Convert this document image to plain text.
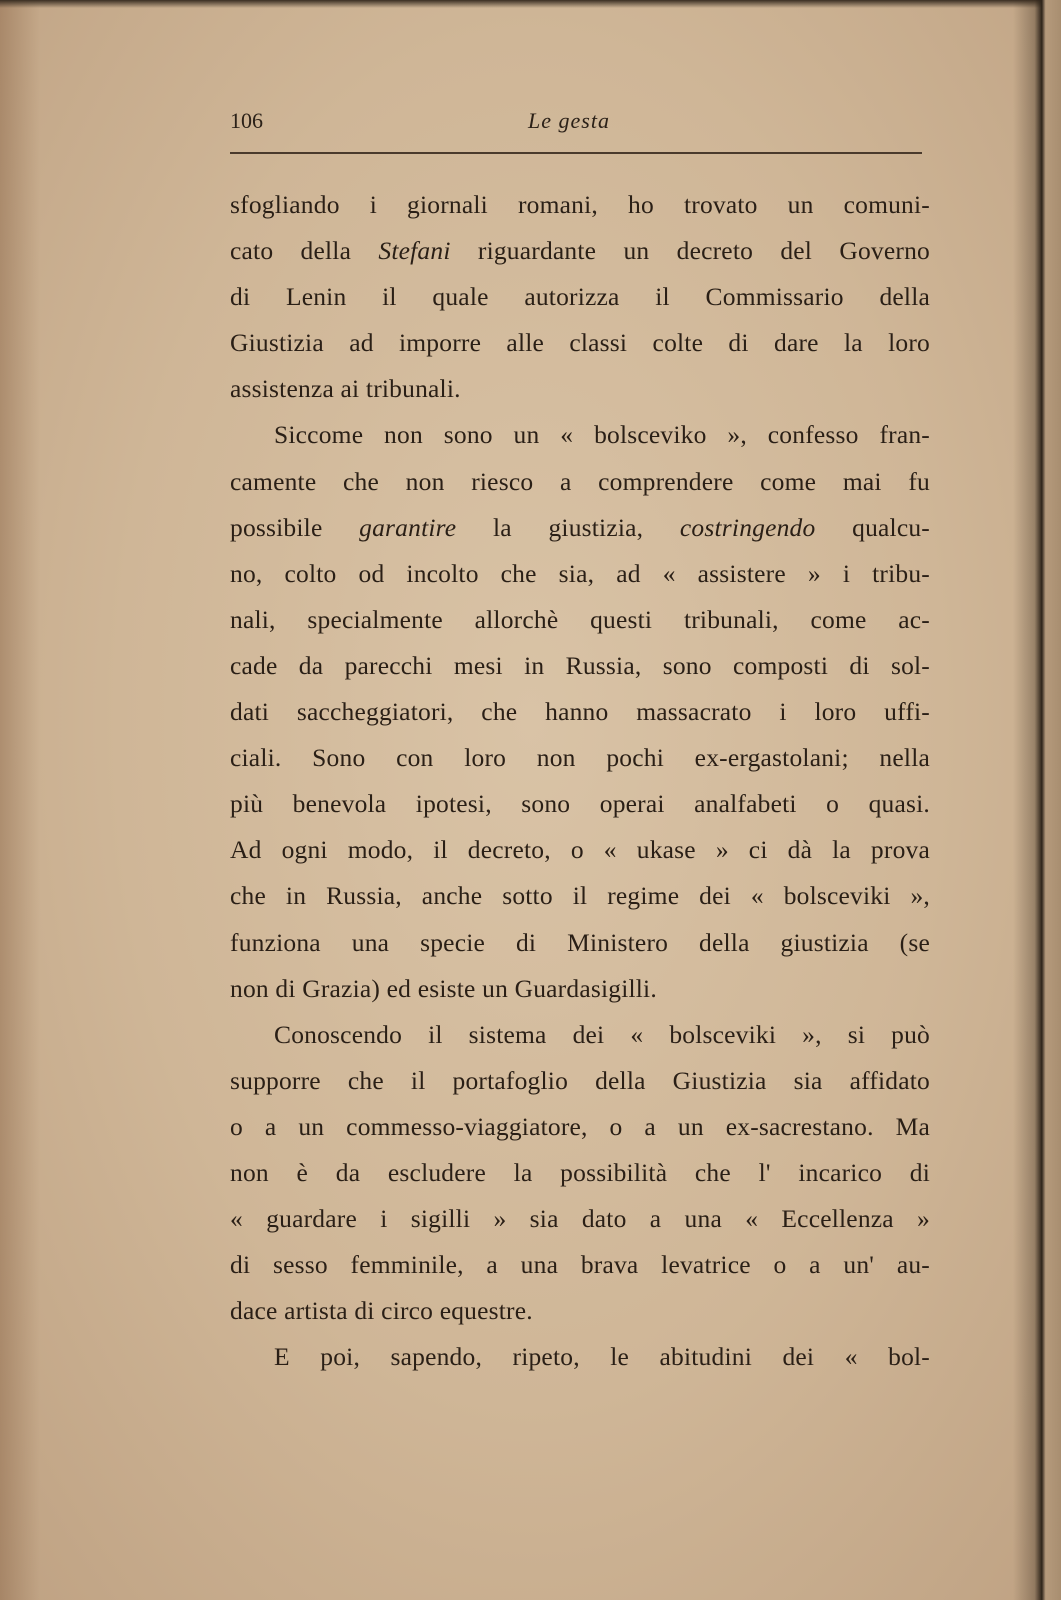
106	Le gesta
sfogliando i giornali romani, ho trovato un comuni-
cato della Stefani riguardante un decreto del Governo
di Lenin il quale autorizza il Commissario della
Giustizia ad imporre alle classi colte di dare la loro
assistenza ai tribunali.
Siccome non sono un « bolsceviko », confesso fran-
camente che non riesco a comprendere come mai fu
possibile garantire la giustizia, costringendo qualcu-
no, colto od incolto che sia, ad « assistere » i tribu-
nali, specialmente allorchè questi tribunali, come ac-
cade da parecchi mesi in Russia, sono composti di sol-
dati saccheggiatori, che hanno massacrato i loro uffi-
ciali. Sono con loro non pochi ex-ergastolani; nella
più benevola ipotesi, sono operai analfabeti o quasi.
Ad ogni modo, il decreto, o « ukase » ci dà la prova
che in Russia, anche sotto il regime dei « bolsceviki »,
funziona una specie di Ministero della giustizia (se
non di Grazia) ed esiste un Guardasigilli.
Conoscendo il sistema dei « bolsceviki », si può
supporre che il portafoglio della Giustizia sia affidato
o a un commesso-viaggiatore, o a un ex-sacrestano. Ma
non è da escludere la possibilità che l' incarico di
« guardare i sigilli » sia dato a una « Eccellenza »
di sesso femminile, a una brava levatrice o a un' au-
dace artista di circo equestre.
E poi, sapendo, ripeto, le abitudini dei « bol-
